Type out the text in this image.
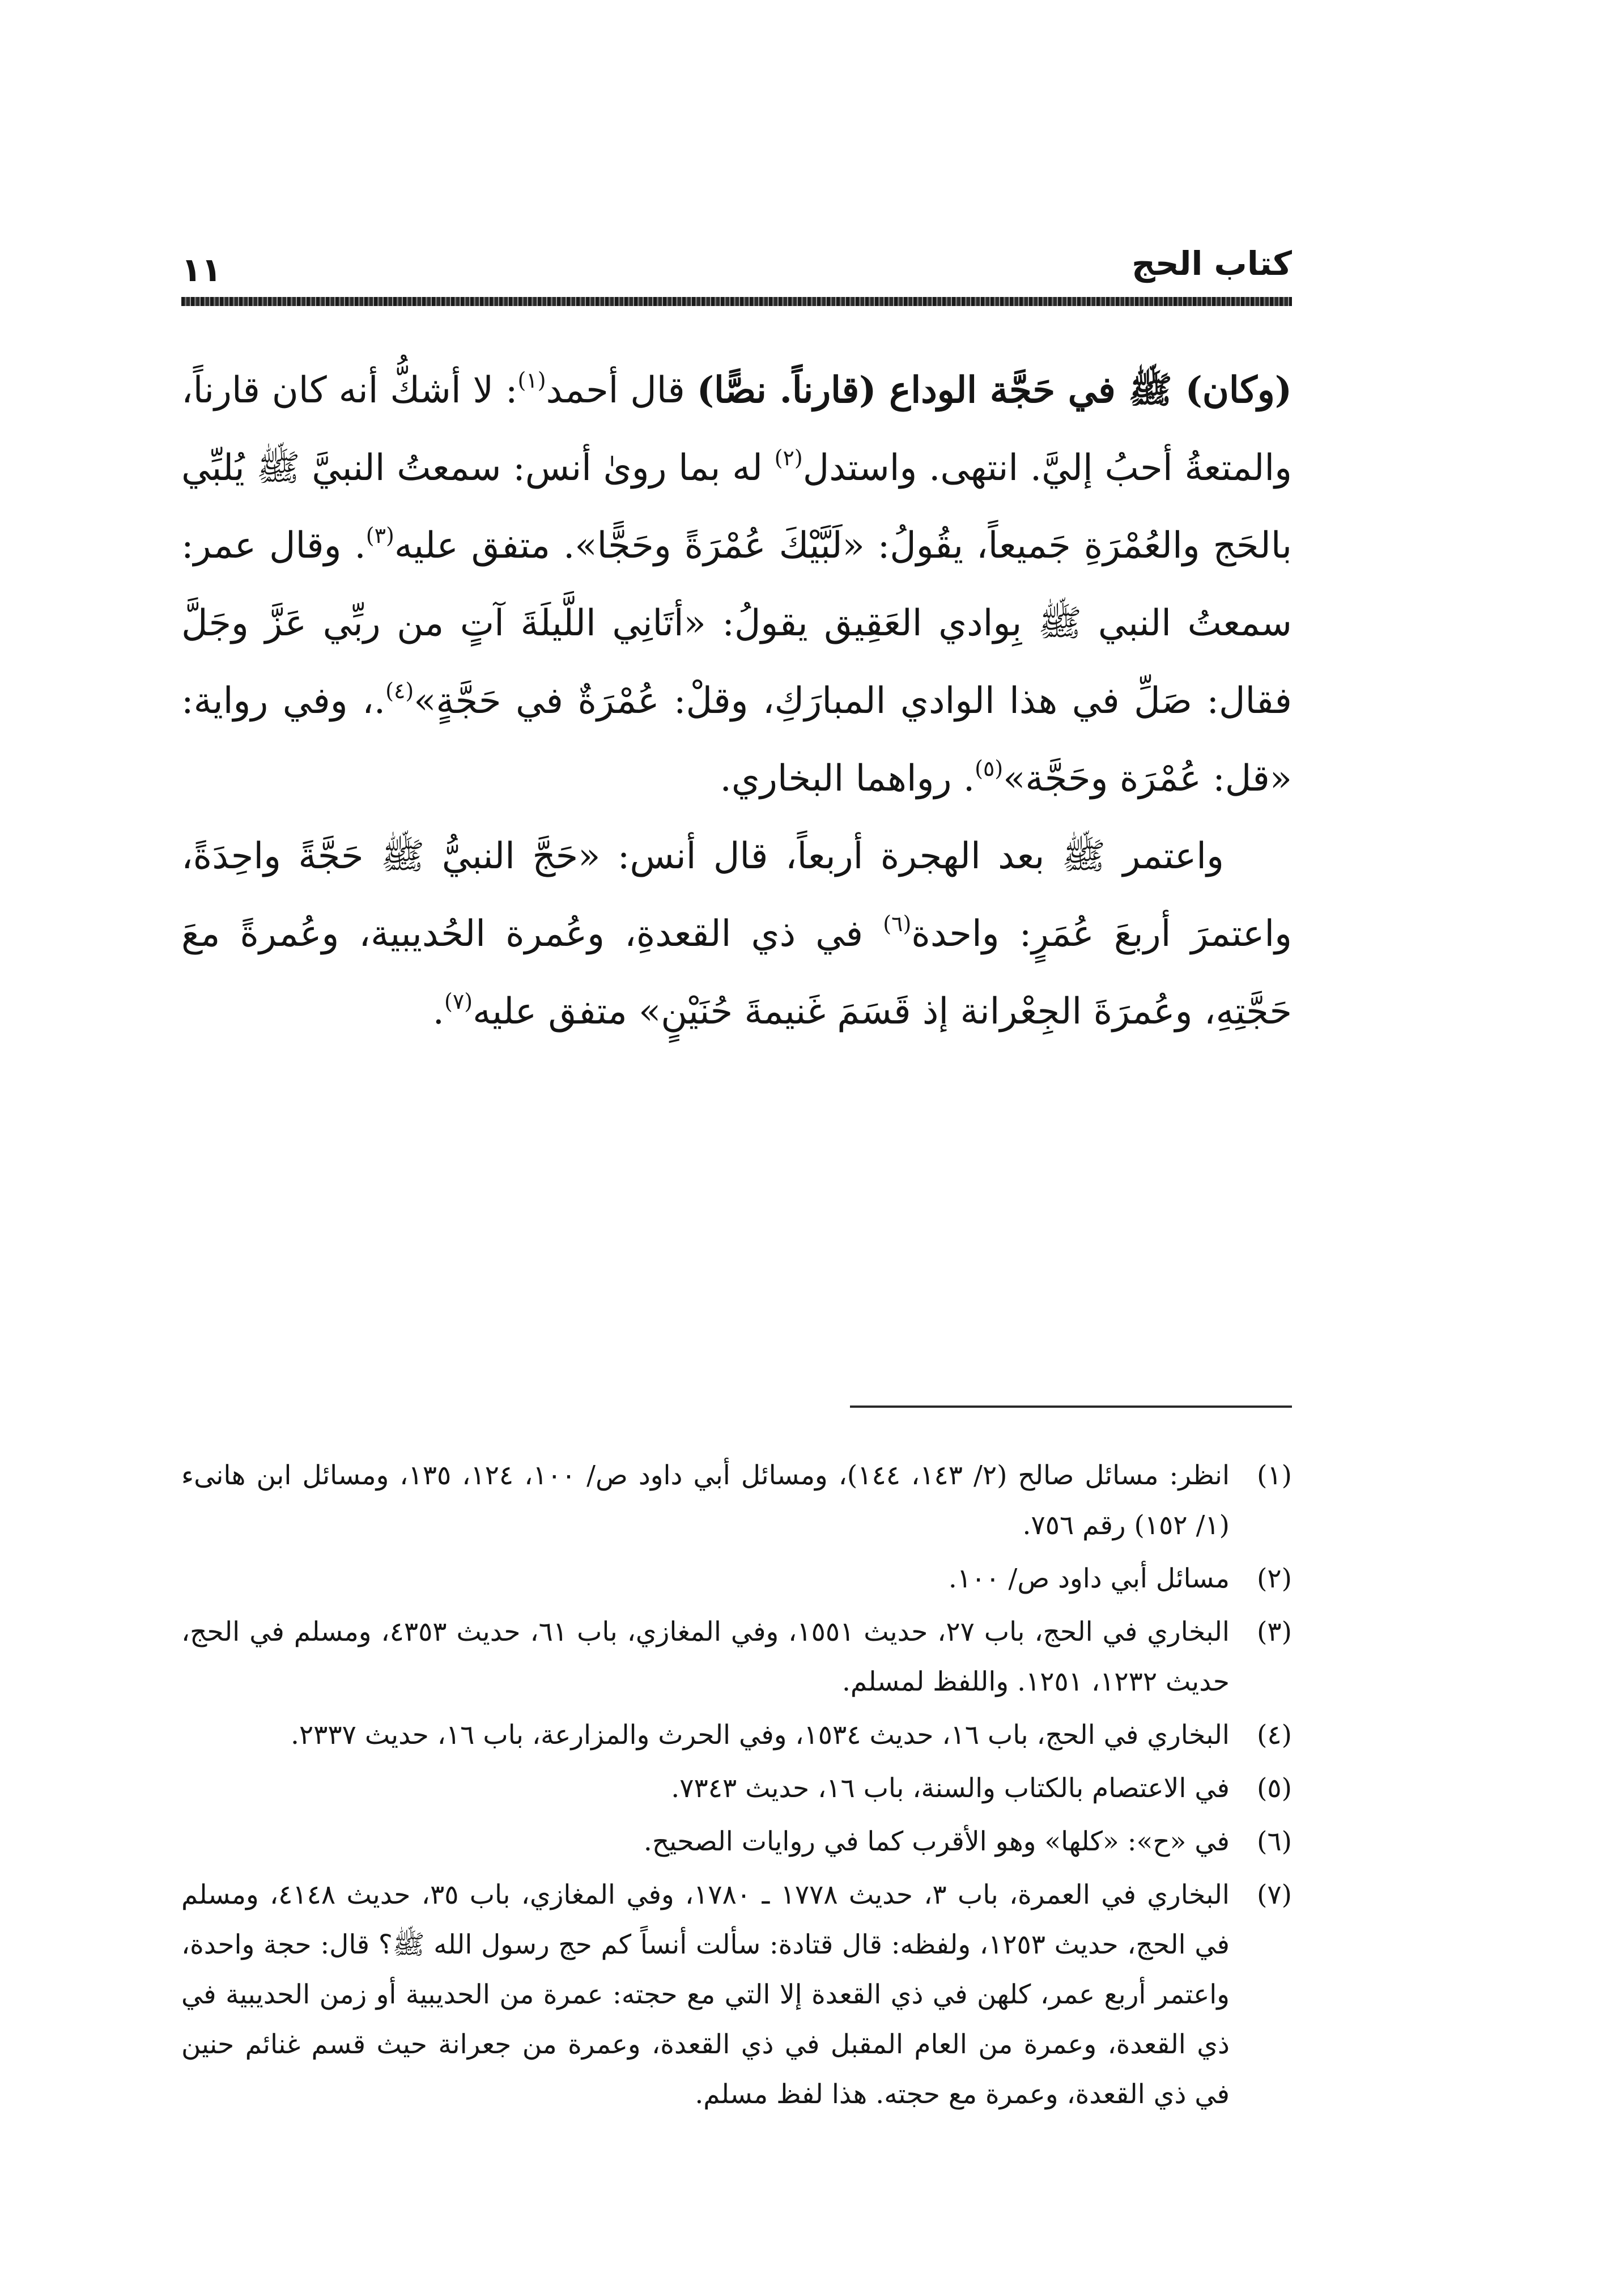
كتاب الحج
١١

(وكان) ﷺ في حَجَّة الوداع (قارناً. نصًّا) قال أحمد$^{(١)}$: لا أشكُّ أنه كان قارناً، والمتعةُ أحبُ إليَّ. انتهى. واستدل$^{(٢)}$ له بما روىٰ أنس: سمعتُ النبيَّ ﷺ يُلبِّي بالحَج والعُمْرَةِ جَميعاً، يقُولُ: «لَبَّيْكَ عُمْرَةً وحَجًّا». متفق عليه$^{(٣)}$. وقال عمر: سمعتُ النبي ﷺ بِوادي العَقِيق يقولُ: «أتَانِي اللَّيلَةَ آتٍ من ربِّي عَزَّ وجَلَّ فقال: صَلِّ في هذا الوادي المبارَكِ، وقلْ: عُمْرَةٌ في حَجَّةٍ»$^{(٤)}$.، وفي رواية: «قل: عُمْرَة وحَجَّة»$^{(٥)}$. رواهما البخاري.

واعتمر ﷺ بعد الهجرة أربعاً، قال أنس: «حَجَّ النبيُّ ﷺ حَجَّةً واحِدَةً، واعتمرَ أربعَ عُمَرٍ: واحدة$^{(٦)}$ في ذي القعدةِ، وعُمرة الحُديبية، وعُمرةً معَ حَجَّتِهِ، وعُمرَةَ الجِعْرانة إذ قَسَمَ غَنيمةَ حُنَيْنٍ» متفق عليه$^{(٧)}$.

(١)
انظر: مسائل صالح (٢/ ١٤٣، ١٤٤)، ومسائل أبي داود ص/ ١٠٠، ١٢٤، ١٣٥، ومسائل ابن هانىء (١/ ١٥٢) رقم ٧٥٦.
(٢)
مسائل أبي داود ص/ ١٠٠.
(٣)
البخاري في الحج، باب ٢٧، حديث ١٥٥١، وفي المغازي، باب ٦١، حديث ٤٣٥٣، ومسلم في الحج، حديث ١٢٣٢، ١٢٥١. واللفظ لمسلم.
(٤)
البخاري في الحج، باب ١٦، حديث ١٥٣٤، وفي الحرث والمزارعة، باب ١٦، حديث ٢٣٣٧.
(٥)
في الاعتصام بالكتاب والسنة، باب ١٦، حديث ٧٣٤٣.
(٦)
في «ح»: «كلها» وهو الأقرب كما في روايات الصحيح.
(٧)
البخاري في العمرة، باب ٣، حديث ١٧٧٨ ـ ١٧٨٠، وفي المغازي، باب ٣٥، حديث ٤١٤٨، ومسلم في الحج، حديث ١٢٥٣، ولفظه: قال قتادة: سألت أنساً كم حج رسول الله ﷺ؟ قال: حجة واحدة، واعتمر أربع عمر، كلهن في ذي القعدة إلا التي مع حجته: عمرة من الحديبية أو زمن الحديبية في ذي القعدة، وعمرة من العام المقبل في ذي القعدة، وعمرة من جعرانة حيث قسم غنائم حنين في ذي القعدة، وعمرة مع حجته. هذا لفظ مسلم.
